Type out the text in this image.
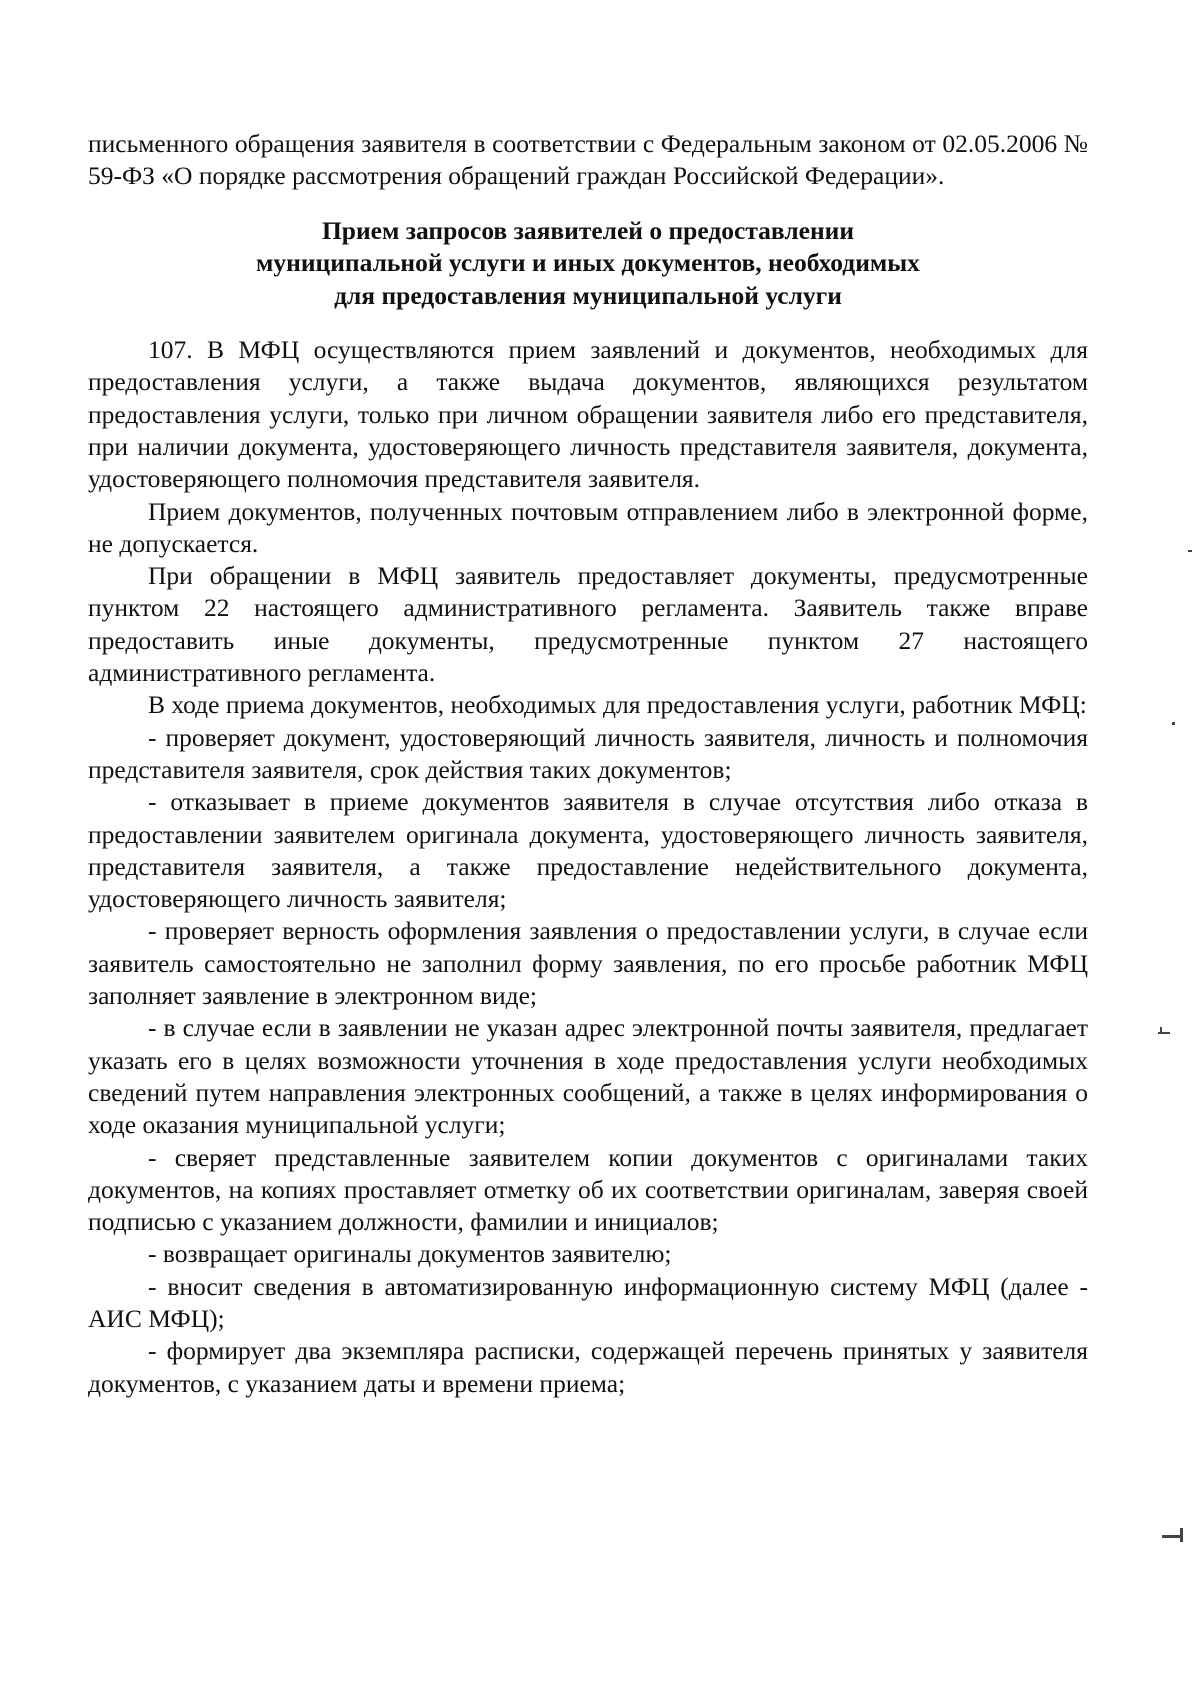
письменного обращения заявителя в соответствии с Федеральным законом от 02.05.2006 № 59-ФЗ «О порядке рассмотрения обращений граждан Российской Федерации».

Прием запросов заявителей о предоставлении
муниципальной услуги и иных документов, необходимых
для предоставления муниципальной услуги

107. В МФЦ осуществляются прием заявлений и документов, необходимых для предоставления услуги, а также выдача документов, являющихся результатом предоставления услуги, только при личном обращении заявителя либо его представителя, при наличии документа, удостоверяющего личность представителя заявителя, документа, удостоверяющего полномочия представителя заявителя.

Прием документов, полученных почтовым отправлением либо в электронной форме, не допускается.

При обращении в МФЦ заявитель предоставляет документы, предусмотренные пунктом 22 настоящего административного регламента. Заявитель также вправе предоставить иные документы, предусмотренные пунктом 27 настоящего административного регламента.

В ходе приема документов, необходимых для предоставления услуги, работник МФЦ:

- проверяет документ, удостоверяющий личность заявителя, личность и полномочия представителя заявителя, срок действия таких документов;

- отказывает в приеме документов заявителя в случае отсутствия либо отказа в предоставлении заявителем оригинала документа, удостоверяющего личность заявителя, представителя заявителя, а также предоставление недействительного документа, удостоверяющего личность заявителя;

- проверяет верность оформления заявления о предоставлении услуги, в случае если заявитель самостоятельно не заполнил форму заявления, по его просьбе работник МФЦ заполняет заявление в электронном виде;

- в случае если в заявлении не указан адрес электронной почты заявителя, предлагает указать его в целях возможности уточнения в ходе предоставления услуги необходимых сведений путем направления электронных сообщений, а также в целях информирования о ходе оказания муниципальной услуги;

- сверяет представленные заявителем копии документов с оригиналами таких документов, на копиях проставляет отметку об их соответствии оригиналам, заверяя своей подписью с указанием должности, фамилии и инициалов;

- возвращает оригиналы документов заявителю;

- вносит сведения в автоматизированную информационную систему МФЦ (далее - АИС МФЦ);

- формирует два экземпляра расписки, содержащей перечень принятых у заявителя документов, с указанием даты и времени приема;
